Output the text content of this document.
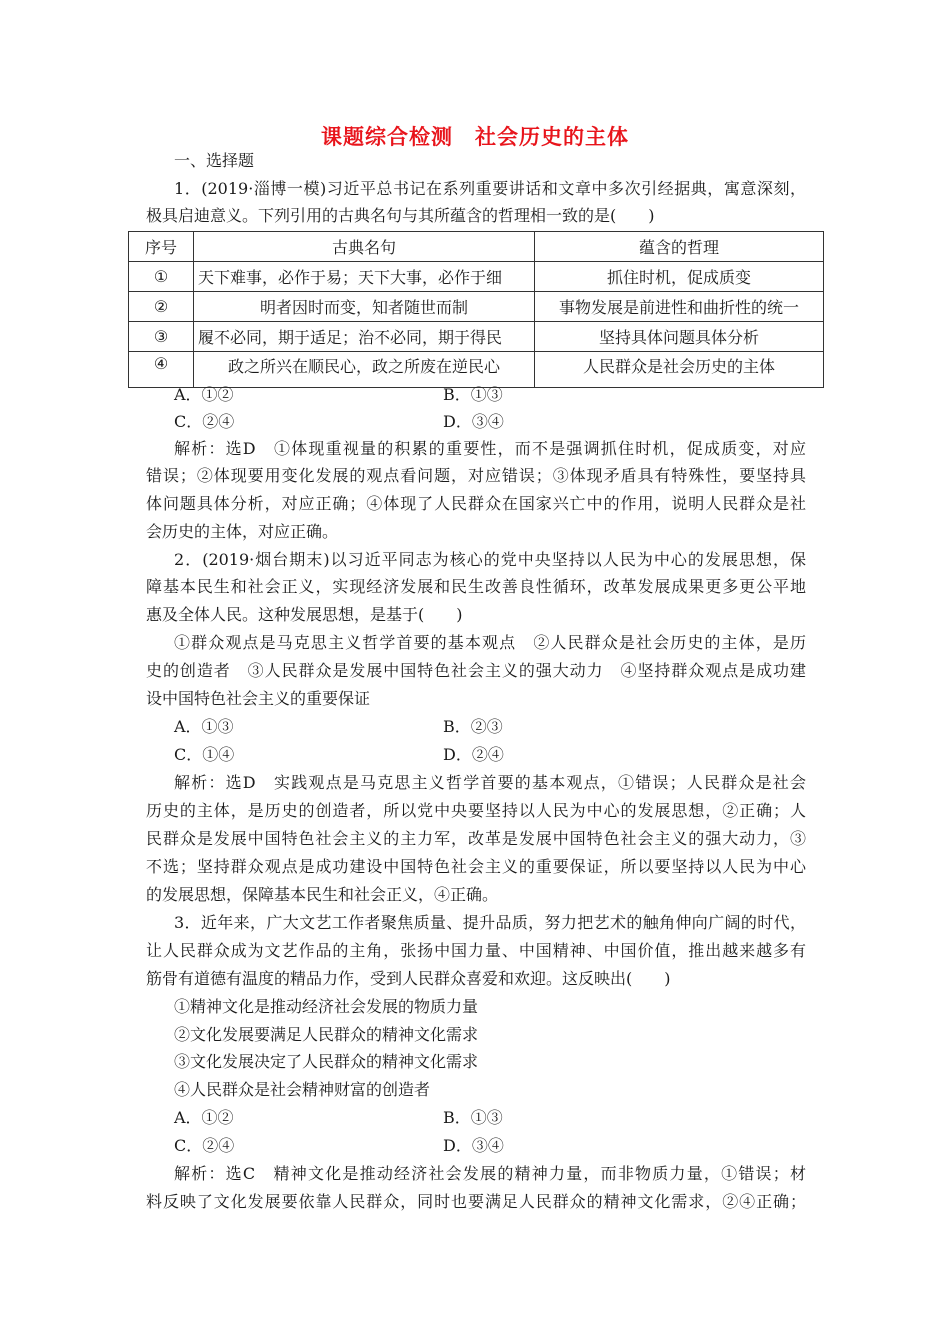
课题综合检测　社会历史的主体
一、选择题
1．(2019·淄博一模)习近平总书记在系列重要讲话和文章中多次引经据典，寓意深刻，
极具启迪意义。下列引用的古典名句与其所蕴含的哲理相一致的是(　　)
序号	古典名句	蕴含的哲理
①	天下难事，必作于易；天下大事，必作于细	抓住时机，促成质变
②	明者因时而变，知者随世而制	事物发展是前进性和曲折性的统一
③	履不必同，期于适足；治不必同，期于得民	坚持具体问题具体分析
④	政之所兴在顺民心，政之所废在逆民心	人民群众是社会历史的主体
A．①②	B．①③
C．②④	D．③④
解析：选D　①体现重视量的积累的重要性，而不是强调抓住时机，促成质变，对应
错误；②体现要用变化发展的观点看问题，对应错误；③体现矛盾具有特殊性，要坚持具
体问题具体分析，对应正确；④体现了人民群众在国家兴亡中的作用，说明人民群众是社
会历史的主体，对应正确。
2．(2019·烟台期末)以习近平同志为核心的党中央坚持以人民为中心的发展思想，保
障基本民生和社会正义，实现经济发展和民生改善良性循环，改革发展成果更多更公平地
惠及全体人民。这种发展思想，是基于(　　)
①群众观点是马克思主义哲学首要的基本观点　②人民群众是社会历史的主体，是历
史的创造者　③人民群众是发展中国特色社会主义的强大动力　④坚持群众观点是成功建
设中国特色社会主义的重要保证
A．①③	B．②③
C．①④	D．②④
解析：选D　实践观点是马克思主义哲学首要的基本观点，①错误；人民群众是社会
历史的主体，是历史的创造者，所以党中央要坚持以人民为中心的发展思想，②正确；人
民群众是发展中国特色社会主义的主力军，改革是发展中国特色社会主义的强大动力，③
不选；坚持群众观点是成功建设中国特色社会主义的重要保证，所以要坚持以人民为中心
的发展思想，保障基本民生和社会正义，④正确。
3．近年来，广大文艺工作者聚焦质量、提升品质，努力把艺术的触角伸向广阔的时代，
让人民群众成为文艺作品的主角，张扬中国力量、中国精神、中国价值，推出越来越多有
筋骨有道德有温度的精品力作，受到人民群众喜爱和欢迎。这反映出(　　)
①精神文化是推动经济社会发展的物质力量
②文化发展要满足人民群众的精神文化需求
③文化发展决定了人民群众的精神文化需求
④人民群众是社会精神财富的创造者
A．①②	B．①③
C．②④	D．③④
解析：选C　精神文化是推动经济社会发展的精神力量，而非物质力量，①错误；材
料反映了文化发展要依靠人民群众，同时也要满足人民群众的精神文化需求，②④正确；
